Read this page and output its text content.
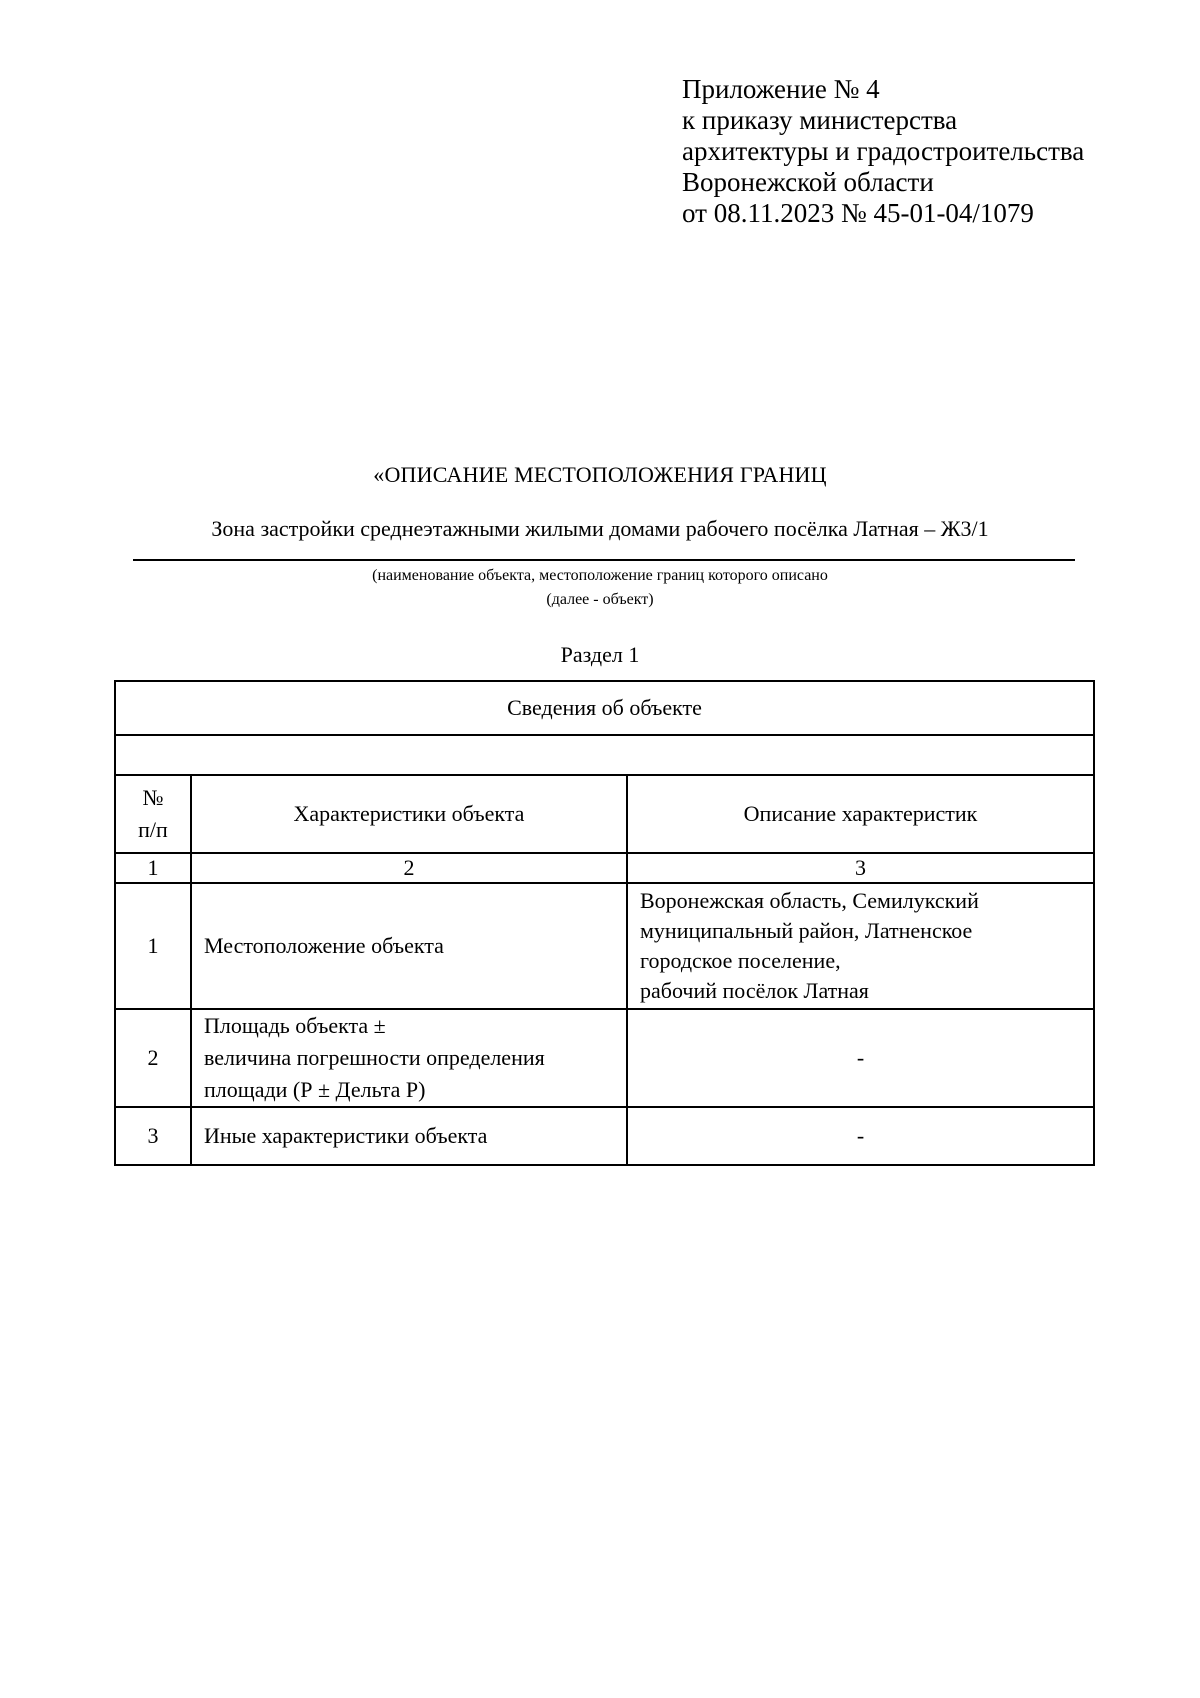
Приложение № 4
к приказу министерства
архитектуры и градостроительства
Воронежской области
от 08.11.2023 № 45-01-04/1079
«ОПИСАНИЕ МЕСТОПОЛОЖЕНИЯ ГРАНИЦ
Зона застройки среднеэтажными жилыми домами рабочего посёлка Латная – Ж3/1
(наименование объекта, местоположение границ которого описано
(далее - объект)
Раздел 1
Сведения об объекте		

№
п/п	Характеристики объекта	Описание характеристик
1	2	3
1	Местоположение объекта	Воронежская область, Семилукский
муниципальный район, Латненское
городское поселение,
рабочий посёлок Латная

2	Площадь объекта ±
величина погрешности определения
площади (Р ± Дельта Р)	-

3	Иные характеристики объекта	-
